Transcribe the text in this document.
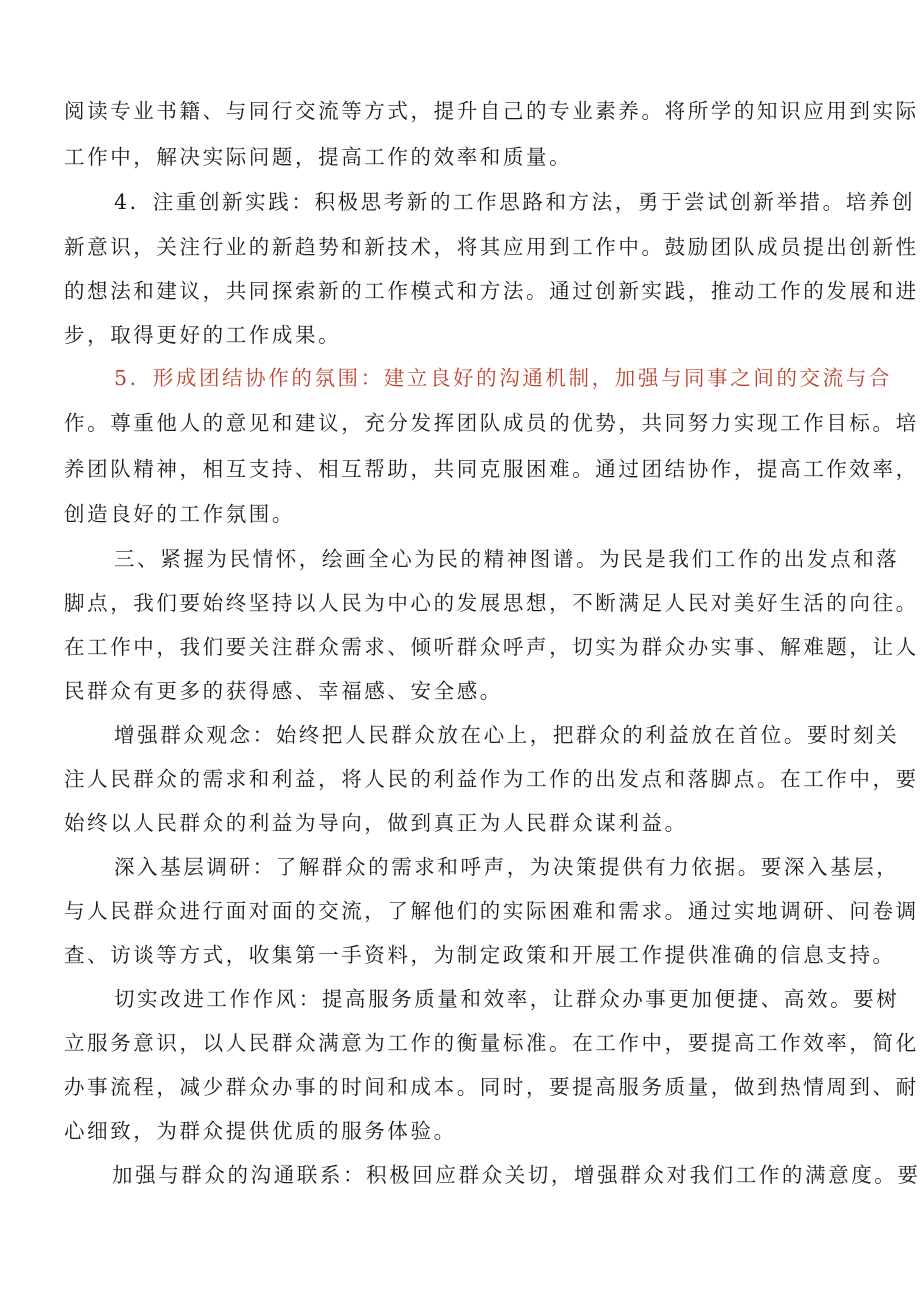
阅读专业书籍、与同行交流等方式，提升自己的专业素养。将所学的知识应用到实际
工作中，解决实际问题，提高工作的效率和质量。
4．注重创新实践：积极思考新的工作思路和方法，勇于尝试创新举措。培养创
新意识，关注行业的新趋势和新技术，将其应用到工作中。鼓励团队成员提出创新性
的想法和建议，共同探索新的工作模式和方法。通过创新实践，推动工作的发展和进
步，取得更好的工作成果。
5．形成团结协作的氛围：建立良好的沟通机制，加强与同事之间的交流与合
作。尊重他人的意见和建议，充分发挥团队成员的优势，共同努力实现工作目标。培
养团队精神，相互支持、相互帮助，共同克服困难。通过团结协作，提高工作效率，
创造良好的工作氛围。
三、紧握为民情怀，绘画全心为民的精神图谱。为民是我们工作的出发点和落
脚点，我们要始终坚持以人民为中心的发展思想，不断满足人民对美好生活的向往。
在工作中，我们要关注群众需求、倾听群众呼声，切实为群众办实事、解难题，让人
民群众有更多的获得感、幸福感、安全感。
增强群众观念：始终把人民群众放在心上，把群众的利益放在首位。要时刻关
注人民群众的需求和利益，将人民的利益作为工作的出发点和落脚点。在工作中，要
始终以人民群众的利益为导向，做到真正为人民群众谋利益。
深入基层调研：了解群众的需求和呼声，为决策提供有力依据。要深入基层，
与人民群众进行面对面的交流，了解他们的实际困难和需求。通过实地调研、问卷调
查、访谈等方式，收集第一手资料，为制定政策和开展工作提供准确的信息支持。
切实改进工作作风：提高服务质量和效率，让群众办事更加便捷、高效。要树
立服务意识，以人民群众满意为工作的衡量标准。在工作中，要提高工作效率，简化
办事流程，减少群众办事的时间和成本。同时，要提高服务质量，做到热情周到、耐
心细致，为群众提供优质的服务体验。
加强与群众的沟通联系：积极回应群众关切，增强群众对我们工作的满意度。要
